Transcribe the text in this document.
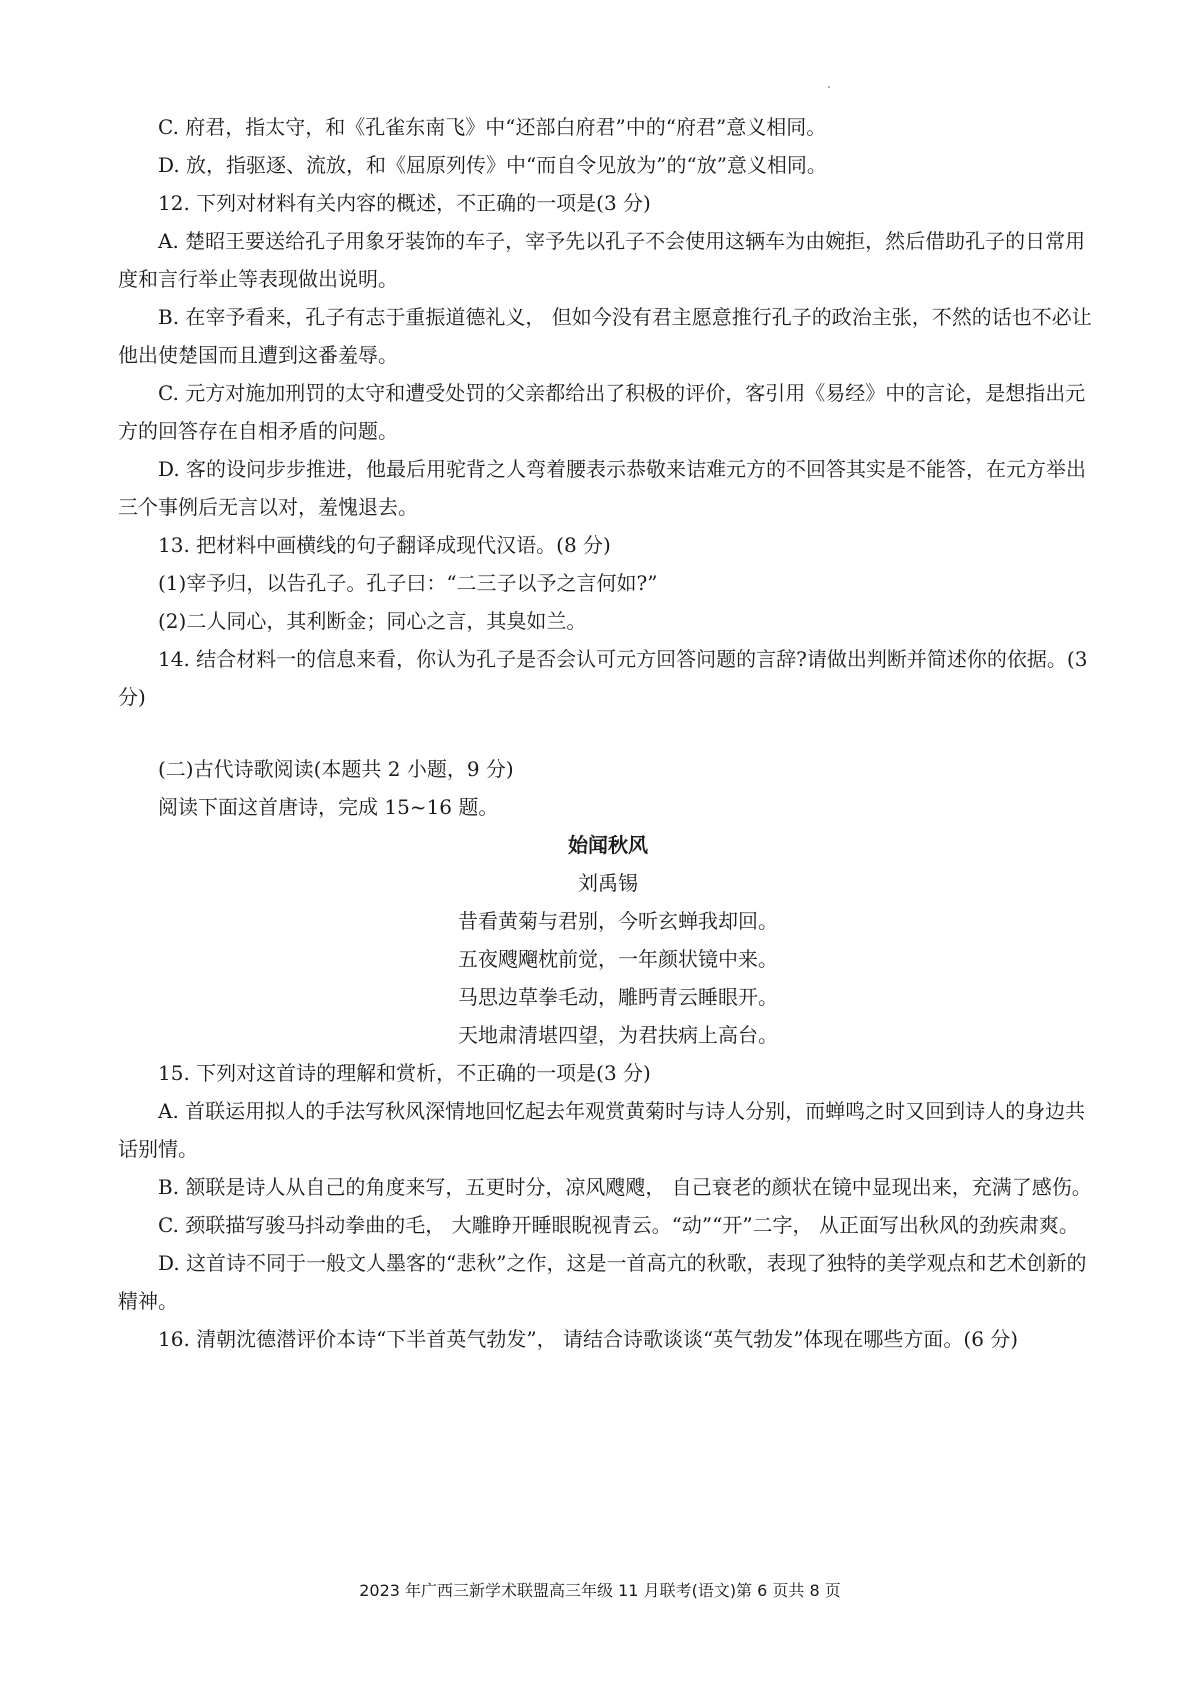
C. 府君，指太守，和《孔雀东南飞》中“还部白府君”中的“府君”意义相同。

D. 放，指驱逐、流放，和《屈原列传》中“而自令见放为”的“放”意义相同。

12. 下列对材料有关内容的概述，不正确的一项是(3 分)

A. 楚昭王要送给孔子用象牙装饰的车子，宰予先以孔子不会使用这辆车为由婉拒，然后借助孔子的日常用度和言行举止等表现做出说明。

B. 在宰予看来，孔子有志于重振道德礼义， 但如今没有君主愿意推行孔子的政治主张，不然的话也不必让他出使楚国而且遭到这番羞辱。

C. 元方对施加刑罚的太守和遭受处罚的父亲都给出了积极的评价，客引用《易经》中的言论，是想指出元方的回答存在自相矛盾的问题。

D. 客的设问步步推进，他最后用驼背之人弯着腰表示恭敬来诘难元方的不回答其实是不能答，在元方举出三个事例后无言以对，羞愧退去。

13. 把材料中画横线的句子翻译成现代汉语。(8 分)

(1)宰予归，以告孔子。孔子曰：“二三子以予之言何如?”

(2)二人同心，其利断金；同心之言，其臭如兰。

14. 结合材料一的信息来看，你认为孔子是否会认可元方回答问题的言辞?请做出判断并简述你的依据。(3 分)

(二)古代诗歌阅读(本题共 2 小题，9 分)

阅读下面这首唐诗，完成 15~16 题。

始闻秋风

刘禹锡

昔看黄菊与君别，今听玄蝉我却回。

五夜飕飗枕前觉，一年颜状镜中来。

马思边草拳毛动，雕眄青云睡眼开。

天地肃清堪四望，为君扶病上高台。

15. 下列对这首诗的理解和赏析，不正确的一项是(3 分)

A. 首联运用拟人的手法写秋风深情地回忆起去年观赏黄菊时与诗人分别，而蝉鸣之时又回到诗人的身边共话别情。

B. 颔联是诗人从自己的角度来写，五更时分，凉风飕飕， 自己衰老的颜状在镜中显现出来，充满了感伤。

C. 颈联描写骏马抖动拳曲的毛， 大雕睁开睡眼睨视青云。“动”“开”二字， 从正面写出秋风的劲疾肃爽。

D. 这首诗不同于一般文人墨客的“悲秋”之作，这是一首高亢的秋歌，表现了独特的美学观点和艺术创新的精神。

16. 清朝沈德潜评价本诗“下半首英气勃发”， 请结合诗歌谈谈“英气勃发”体现在哪些方面。(6 分)

2023 年广西三新学术联盟高三年级 11 月联考(语文)第 6 页共 8 页
